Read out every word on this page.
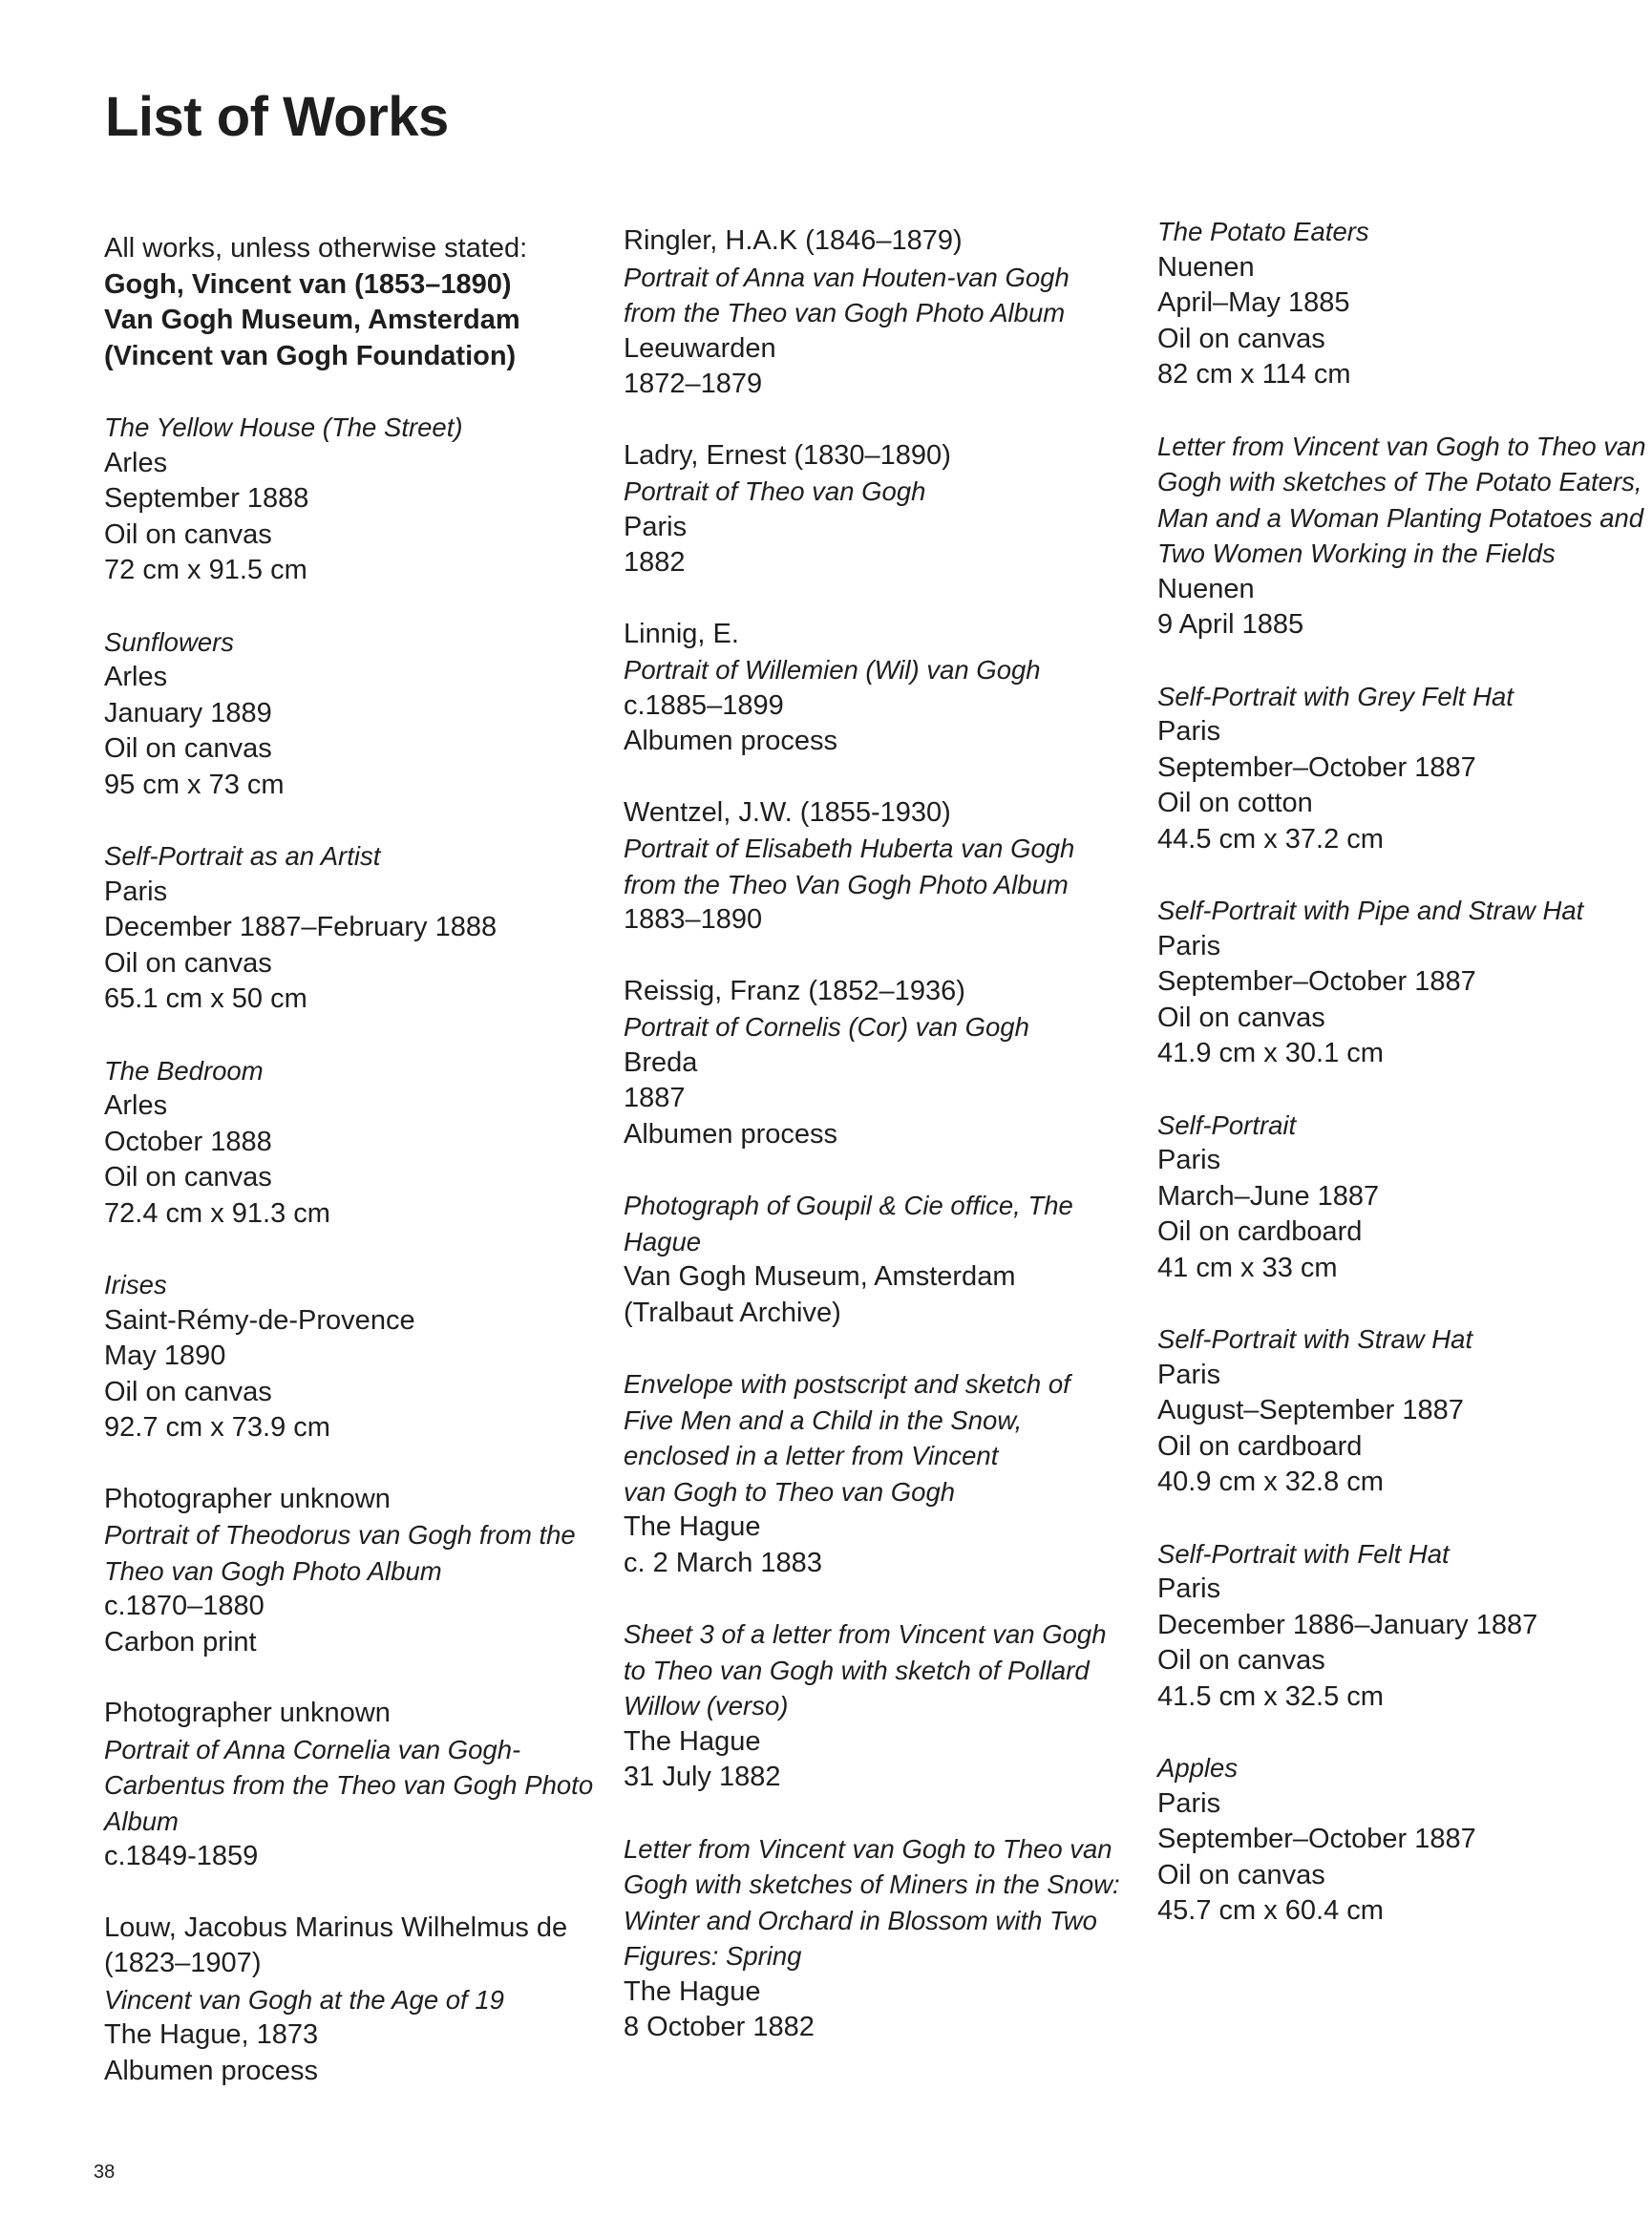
List of Works
All works, unless otherwise stated:
Gogh, Vincent van (1853–1890)
Van Gogh Museum, Amsterdam
(Vincent van Gogh Foundation)
The Yellow House (The Street)
Arles
September 1888
Oil on canvas
72 cm x 91.5 cm
Sunflowers
Arles
January 1889
Oil on canvas
95 cm x 73 cm
Self-Portrait as an Artist
Paris
December 1887–February 1888
Oil on canvas
65.1 cm x 50 cm
The Bedroom
Arles
October 1888
Oil on canvas
72.4 cm x 91.3 cm
Irises
Saint-Rémy-de-Provence
May 1890
Oil on canvas
92.7 cm x 73.9 cm
Photographer unknown
Portrait of Theodorus van Gogh from the
Theo van Gogh Photo Album
c.1870–1880
Carbon print
Photographer unknown
Portrait of Anna Cornelia van Gogh-
Carbentus from the Theo van Gogh Photo
Album
c.1849-1859
Louw, Jacobus Marinus Wilhelmus de
(1823–1907)
Vincent van Gogh at the Age of 19
The Hague, 1873
Albumen process
Ringler, H.A.K (1846–1879)
Portrait of Anna van Houten-van Gogh
from the Theo van Gogh Photo Album
Leeuwarden
1872–1879
Ladry, Ernest (1830–1890)
Portrait of Theo van Gogh
Paris
1882
Linnig, E.
Portrait of Willemien (Wil) van Gogh
c.1885–1899
Albumen process
Wentzel, J.W. (1855-1930)
Portrait of Elisabeth Huberta van Gogh
from the Theo Van Gogh Photo Album
1883–1890
Reissig, Franz (1852–1936)
Portrait of Cornelis (Cor) van Gogh
Breda
1887
Albumen process
Photograph of Goupil & Cie office, The
Hague
Van Gogh Museum, Amsterdam
(Tralbaut Archive)
Envelope with postscript and sketch of
Five Men and a Child in the Snow,
enclosed in a letter from Vincent
van Gogh to Theo van Gogh
The Hague
c. 2 March 1883
Sheet 3 of a letter from Vincent van Gogh
to Theo van Gogh with sketch of Pollard
Willow (verso)
The Hague
31 July 1882
Letter from Vincent van Gogh to Theo van
Gogh with sketches of Miners in the Snow:
Winter and Orchard in Blossom with Two
Figures: Spring
The Hague
8 October 1882
The Potato Eaters
Nuenen
April–May 1885
Oil on canvas
82 cm x 114 cm
Letter from Vincent van Gogh to Theo van
Gogh with sketches of The Potato Eaters,
Man and a Woman Planting Potatoes and
Two Women Working in the Fields
Nuenen
9 April 1885
Self-Portrait with Grey Felt Hat
Paris
September–October 1887
Oil on cotton
44.5 cm x 37.2 cm
Self-Portrait with Pipe and Straw Hat
Paris
September–October 1887
Oil on canvas
41.9 cm x 30.1 cm
Self-Portrait
Paris
March–June 1887
Oil on cardboard
41 cm x 33 cm
Self-Portrait with Straw Hat
Paris
August–September 1887
Oil on cardboard
40.9 cm x 32.8 cm
Self-Portrait with Felt Hat
Paris
December 1886–January 1887
Oil on canvas
41.5 cm x 32.5 cm
Apples
Paris
September–October 1887
Oil on canvas
45.7 cm x 60.4 cm
38
